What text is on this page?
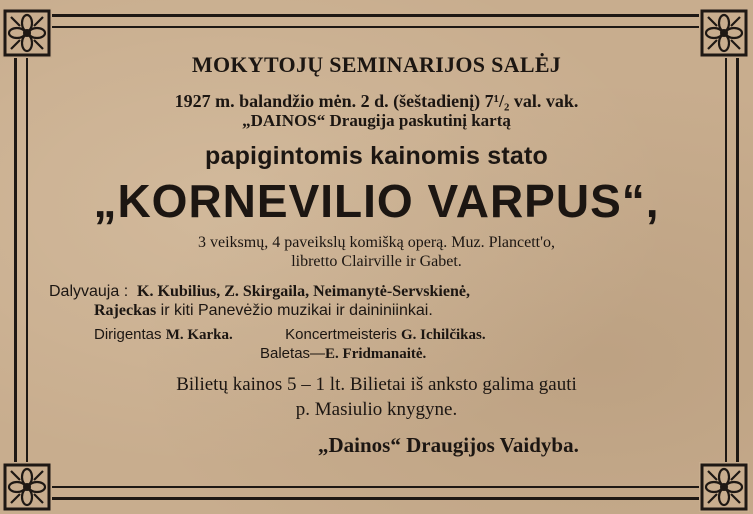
MOKYTOJŲ SEMINARIJOS SALĖJ
1927 m. balandžio mėn. 2 d. (šeštadienį) 7¹/₂ val. vak.
„DAINOS“ Draugija paskutinį kartą
papigintomis kainomis stato
„KORNEVILIO VARPUS“,
3 veiksmų, 4 paveikslų komišką operą. Muz. Plancett'o,
libretto Clairville ir Gabet.
Dalyvauja : K. Kubilius, Z. Skirgaila, Neimanytė-Servskienė,
Rajeckas ir kiti Panevėžio muzikai ir daininiinkai.
Dirigentas M. Karka.	Koncertmeisteris G. Ichilčikas.
Baletas—E. Fridmanaitė.
Bilietų kainos 5 – 1 lt. Bilietai iš anksto galima gauti
p. Masiulio knygyne.
„Dainos“ Draugijos Vaidyba.
